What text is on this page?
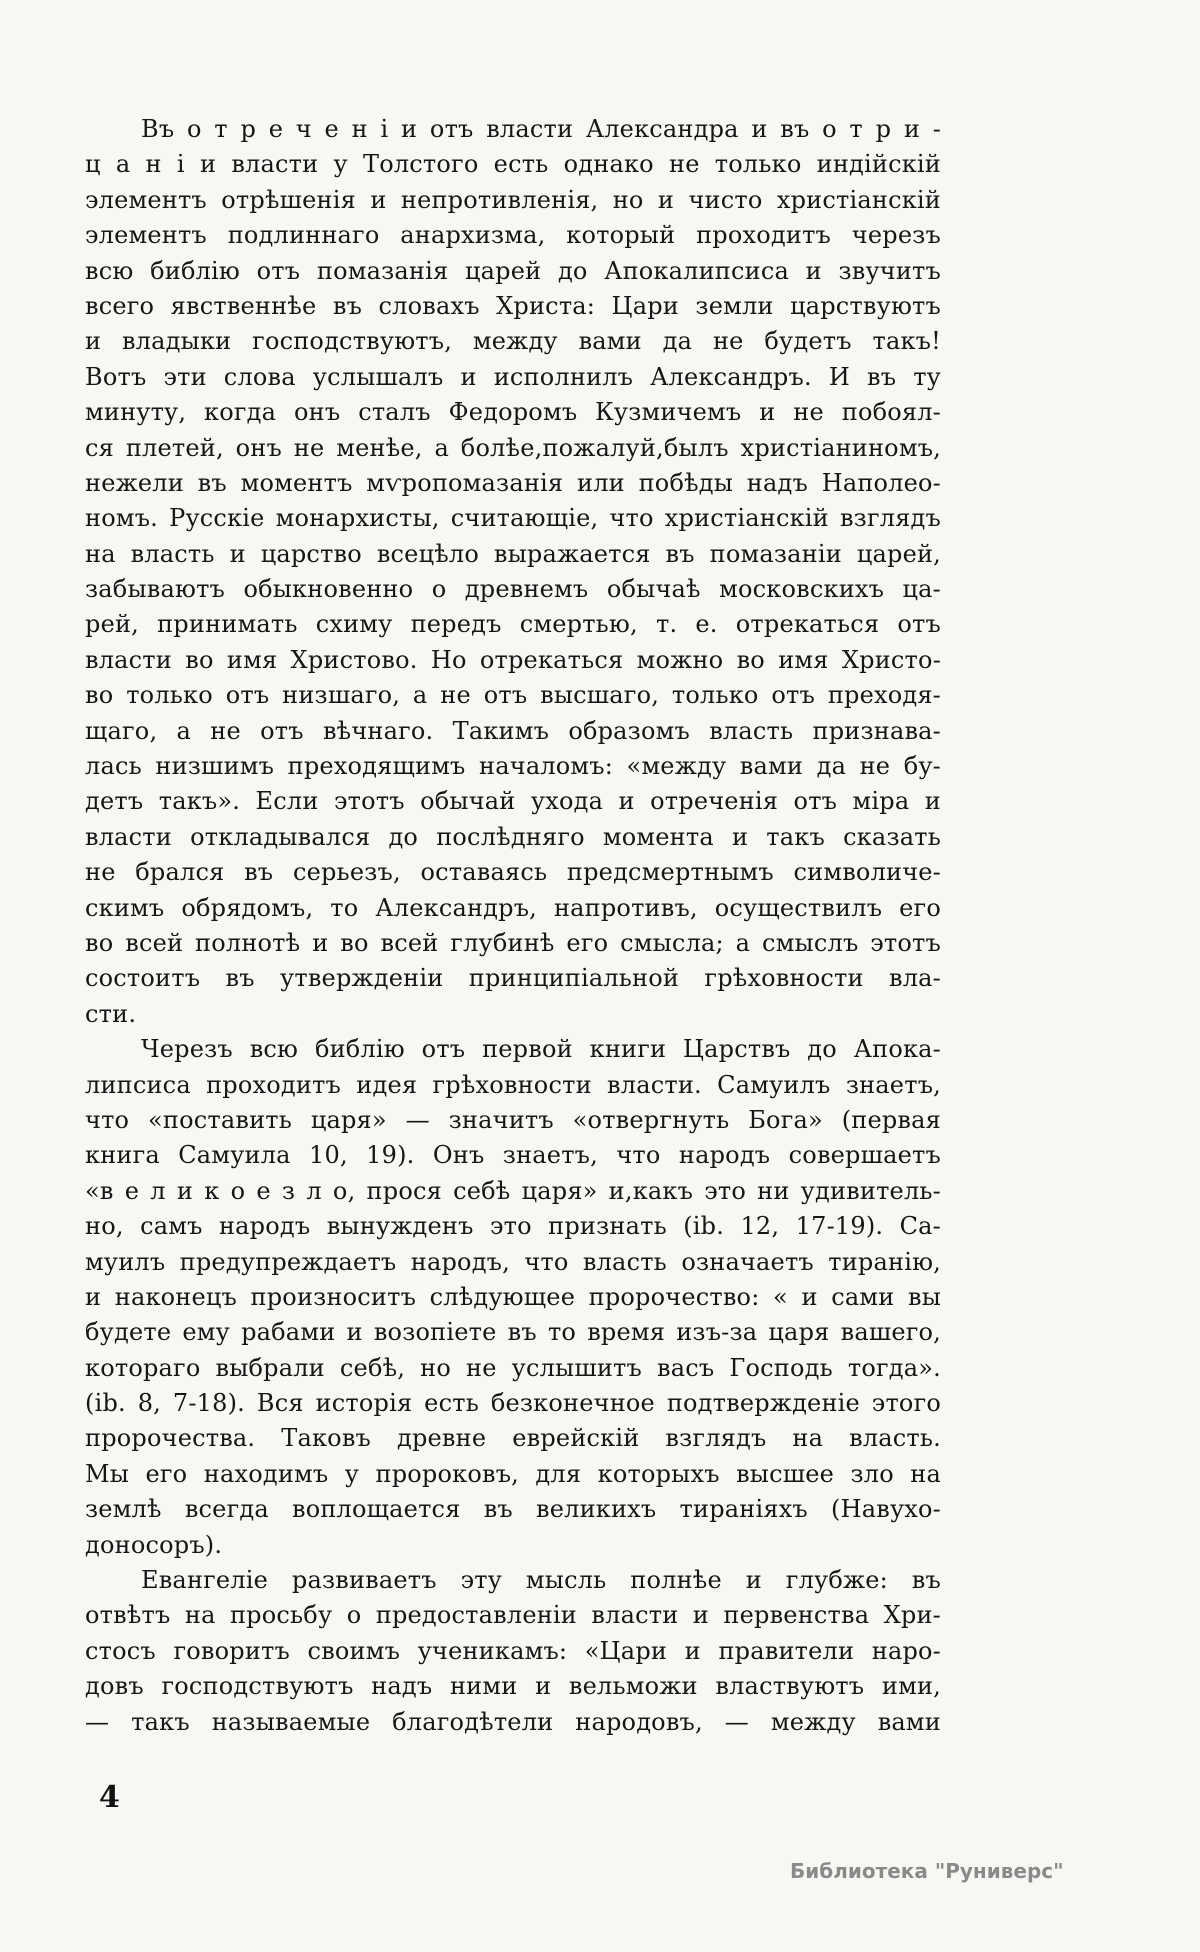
Въ о т р е ч е н і и отъ власти Александра и въ о т р и -
ц а н і и власти у Толстого есть однако не только индійскій
элементъ отрѣшенія и непротивленія, но и чисто христіанскій
элементъ подлиннаго анархизма, который проходитъ черезъ
всю библію отъ помазанія царей до Апокалипсиса и звучитъ
всего явственнѣе въ словахъ Христа: Цари земли царствуютъ
и владыки господствуютъ, между вами да не будетъ такъ!
Вотъ эти слова услышалъ и исполнилъ Александръ. И въ ту
минуту, когда онъ сталъ Федоромъ Кузмичемъ и не побоял-
ся плетей, онъ не менѣе, а болѣе,пожалуй,былъ христіаниномъ,
нежели въ моментъ мѵропомазанія или побѣды надъ Наполео-
номъ. Русскіе монархисты, считающіе, что христіанскій взглядъ
на власть и царство всецѣло выражается въ помазаніи царей,
забываютъ обыкновенно о древнемъ обычаѣ московскихъ ца-
рей, принимать схиму передъ смертью, т. е. отрекаться отъ
власти во имя Христово. Но отрекаться можно во имя Христо-
во только отъ низшаго, а не отъ высшаго, только отъ преходя-
щаго, а не отъ вѣчнаго. Такимъ образомъ власть признава-
лась низшимъ преходящимъ началомъ: «между вами да не бу-
детъ такъ». Если этотъ обычай ухода и отреченія отъ міра и
власти откладывался до послѣдняго момента и такъ сказать
не брался въ серьезъ, оставаясь предсмертнымъ символиче-
скимъ обрядомъ, то Александръ, напротивъ, осуществилъ его
во всей полнотѣ и во всей глубинѣ его смысла; а смыслъ этотъ
состоитъ въ утвержденіи принципіальной грѣховности вла-
сти.
Черезъ всю библію отъ первой книги Царствъ до Апока-
липсиса проходитъ идея грѣховности власти. Самуилъ знаетъ,
что «поставить царя» — значитъ «отвергнуть Бога» (первая
книга Самуила 10, 19). Онъ знаетъ, что народъ совершаетъ
«в е л и к о е з л о, прося себѣ царя» и,какъ это ни удивитель-
но, самъ народъ вынужденъ это признать (ib. 12, 17-19). Са-
муилъ предупреждаетъ народъ, что власть означаетъ тиранію,
и наконецъ произноситъ слѣдующее пророчество: « и сами вы
будете ему рабами и возопіете въ то время изъ-за царя вашего,
котораго выбрали себѣ, но не услышитъ васъ Господь тогда».
(ib. 8, 7-18). Вся исторія есть безконечное подтвержденіе этого
пророчества. Таковъ древне еврейскій взглядъ на власть.
Мы его находимъ у пророковъ, для которыхъ высшее зло на
землѣ всегда воплощается въ великихъ тираніяхъ (Навухо-
доносоръ).
Евангеліе развиваетъ эту мысль полнѣе и глубже: въ
отвѣтъ на просьбу о предоставленіи власти и первенства Хри-
стосъ говоритъ своимъ ученикамъ: «Цари и правители наро-
довъ господствуютъ надъ ними и вельможи властвуютъ ими,
— такъ называемые благодѣтели народовъ, — между вами
4
Библиотека "Руниверс"
